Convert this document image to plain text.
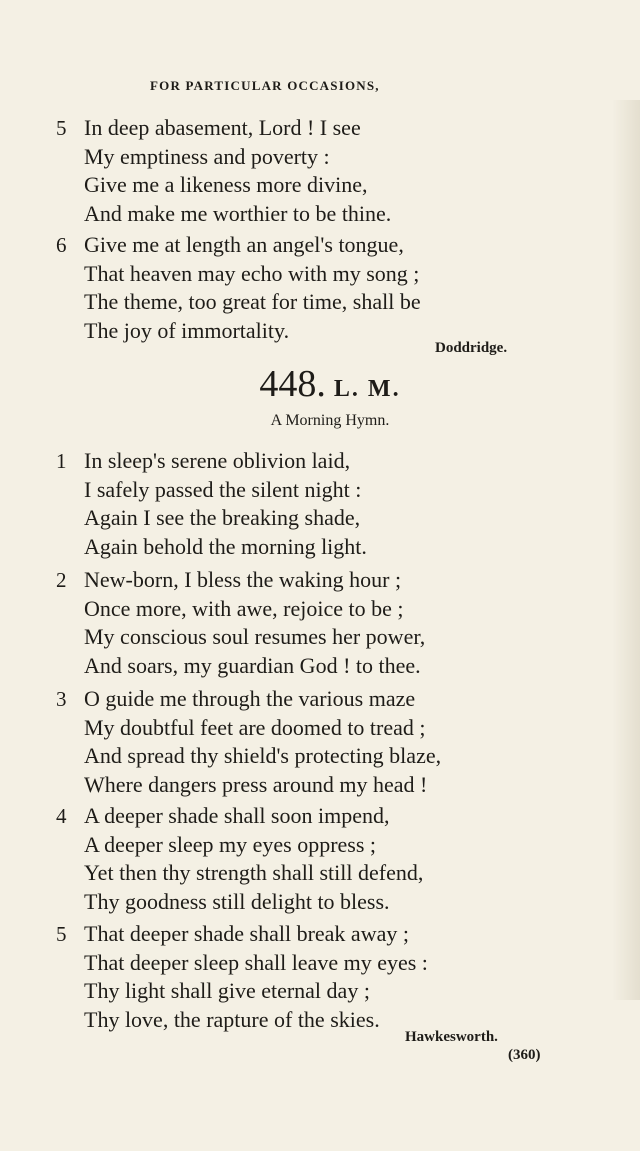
FOR PARTICULAR OCCASIONS,
5 In deep abasement, Lord ! I see
My emptiness and poverty :
Give me a likeness more divine,
And make me worthier to be thine.
6 Give me at length an angel's tongue,
That heaven may echo with my song ;
The theme, too great for time, shall be
The joy of immortality.
Doddridge.
448. L. M.
A Morning Hymn.
1 In sleep's serene oblivion laid,
I safely passed the silent night :
Again I see the breaking shade,
Again behold the morning light.
2 New-born, I bless the waking hour ;
Once more, with awe, rejoice to be ;
My conscious soul resumes her power,
And soars, my guardian God ! to thee.
3 O guide me through the various maze
My doubtful feet are doomed to tread ;
And spread thy shield's protecting blaze,
Where dangers press around my head !
4 A deeper shade shall soon impend,
A deeper sleep my eyes oppress ;
Yet then thy strength shall still defend,
Thy goodness still delight to bless.
5 That deeper shade shall break away ;
That deeper sleep shall leave my eyes :
Thy light shall give eternal day ;
Thy love, the rapture of the skies.
Hawkesworth.
(360)
